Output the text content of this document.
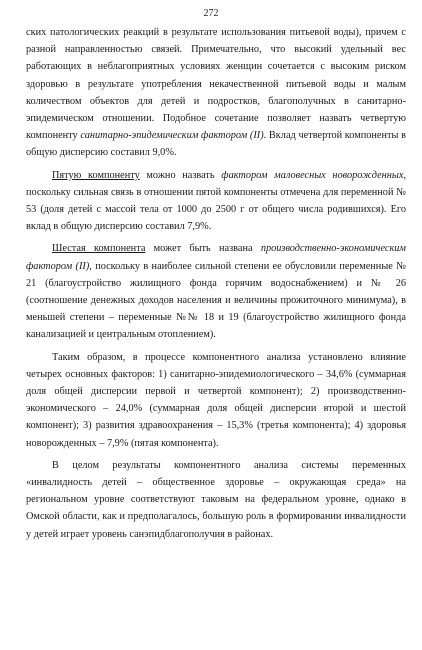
272

ских патологических реакций в результате использования питьевой воды), причем с разной направленностью связей. Примечательно, что высокий удельный вес работающих в неблагоприятных условиях женщин сочетается с высоким риском здоровью в результате употребления некачественной питьевой воды и малым количеством объектов для детей и подростков, благополучных в санитарно-эпидемическом отношении. Подобное сочетание позволяет назвать четвертую компоненту санитарно-эпидемическим фактором (II). Вклад четвертой компоненты в общую дисперсию составил 9,0%.

Пятую компоненту можно назвать фактором маловесных новорожденных, поскольку сильная связь в отношении пятой компоненты отмечена для переменной № 53 (доля детей с массой тела от 1000 до 2500 г от общего числа родившихся). Его вклад в общую дисперсию составил 7,9%.

Шестая компонента может быть названа производственно-экономическим фактором (II), поскольку в наиболее сильной степени ее обусловили переменные № 21 (благоустройство жилищного фонда горячим водоснабжением) и № 26 (соотношение денежных доходов населения и величины прожиточного минимума), в меньшей степени – переменные №№ 18 и 19 (благоустройство жилищного фонда канализацией и центральным отоплением).

Таким образом, в процессе компонентного анализа установлено влияние четырех основных факторов: 1) санитарно-эпидемиологического – 34,6% (суммарная доля общей дисперсии первой и четвертой компонент); 2) производственно-экономического – 24,0% (суммарная доля общей дисперсии второй и шестой компонент); 3) развития здравоохранения – 15,3% (третья компонента); 4) здоровья новорожденных – 7,9% (пятая компонента).

В целом результаты компонентного анализа системы переменных «инвалидность детей – общественное здоровье – окружающая среда» на региональном уровне соответствуют таковым на федеральном уровне, однако в Омской области, как и предполагалось, большую роль в формировании инвалидности у детей играет уровень санэпидблагополучия в районах.
